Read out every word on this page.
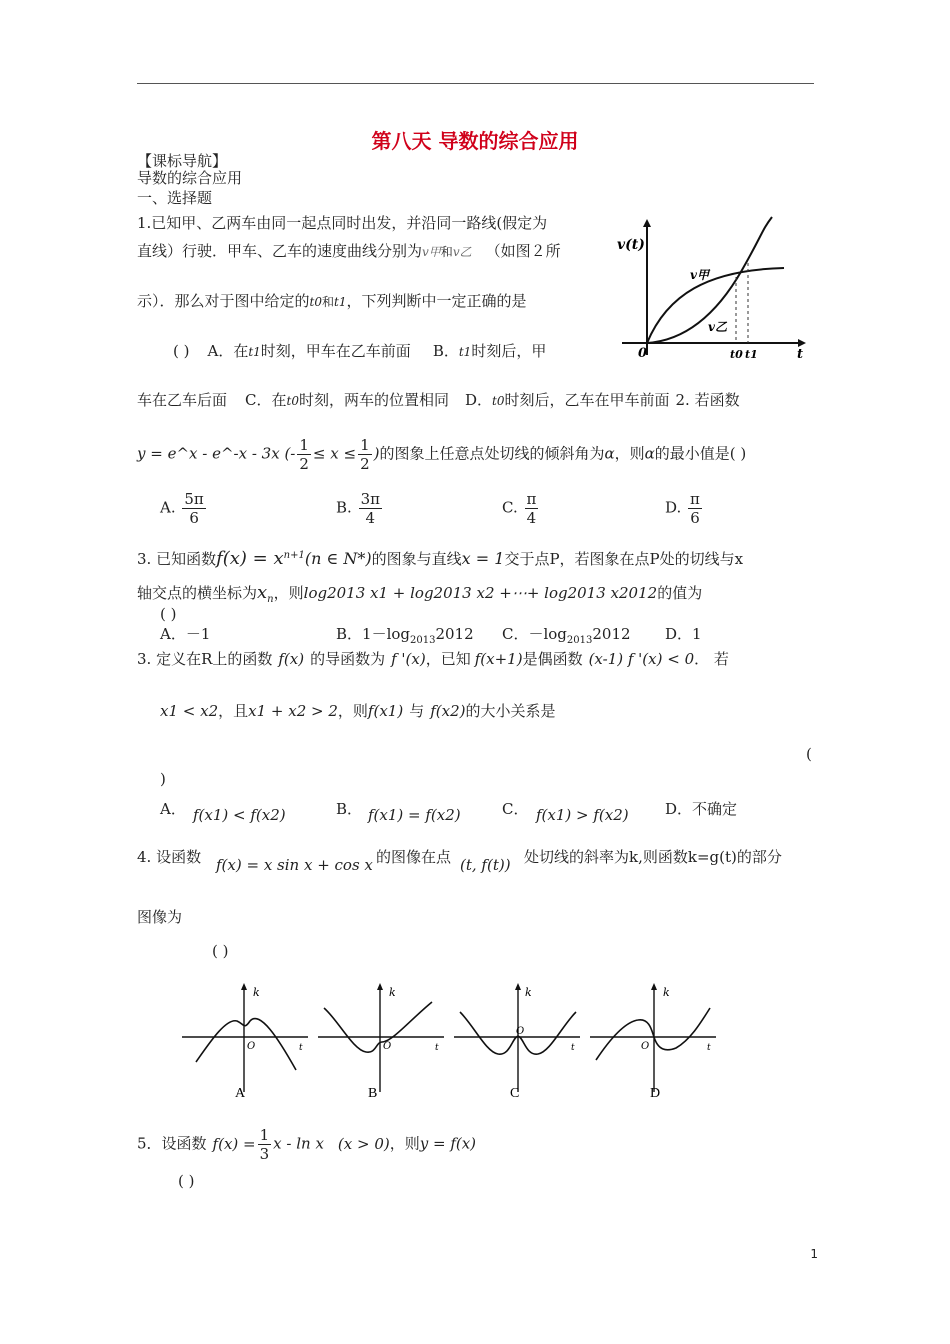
第八天 导数的综合应用
【课标导航】
导数的综合应用
一、选择题
1.已知甲、乙两车由同一起点同时出发，并沿同一路线(假定为
直线）行驶．甲车、乙车的速度曲线分别为v甲和v乙 （如图２所
示）．那么对于图中给定的t0和t1，下列判断中一定正确的是
( ) A．在t1时刻，甲车在乙车前面 B．t1时刻后，甲
车在乙车后面 C．在t0时刻，两车的位置相同 D．t0时刻后，乙车在甲车前面 2. 若函数
v(t)
v甲
v乙
0	t0 t1	t
y = e^x - e^-x - 3x (- $\frac{1}{2} \le x \le \frac{1}{2}$ )的图象上任意点处切线的倾斜角为α，则α的最小值是( )
A. $\frac{5\pi}{6}$	B. $\frac{3\pi}{4}$	C. $\frac{\pi}{4}$	D. $\frac{\pi}{6}$
3. 已知函数$f(x) = x^{n+1}(n$ ∈ N*)的图象与直线x = 1交于点P，若图象在点P处的切线与x
轴交点的横坐标为$x_n$，则log2013 x1 + log2013 x2 +⋯+ log2013 x2012的值为
( )
A．－1	B．$1-\log_{2013}2012$ C．$-\log_{2013}2012$ D．1
3. 定义在R上的函数 f(x) 的导函数为 f '(x)，已知 f(x+1)是偶函数 (x-1) f '(x) < 0． 若
x1 < x2，且x1 + x2 > 2，则f(x1) 与 f(x2)的大小关系是
(
)
A． f(x1) < f(x2)	B． f(x1) = f(x2)	C． f(x1) > f(x2) D．不确定
4. 设函数 f(x) = x sin x + cos x 的图像在点 (t, f(t)) 处切线的斜率为k,则函数k=g(t)的部分
图像为
( )
k
O	t
A
k
O	t
B
k
O
t
C
k
O	t
D
5．设函数 $f(x) = \frac{1}{3}$ x - ln x (x > 0)，则y = f(x)
( )
1
